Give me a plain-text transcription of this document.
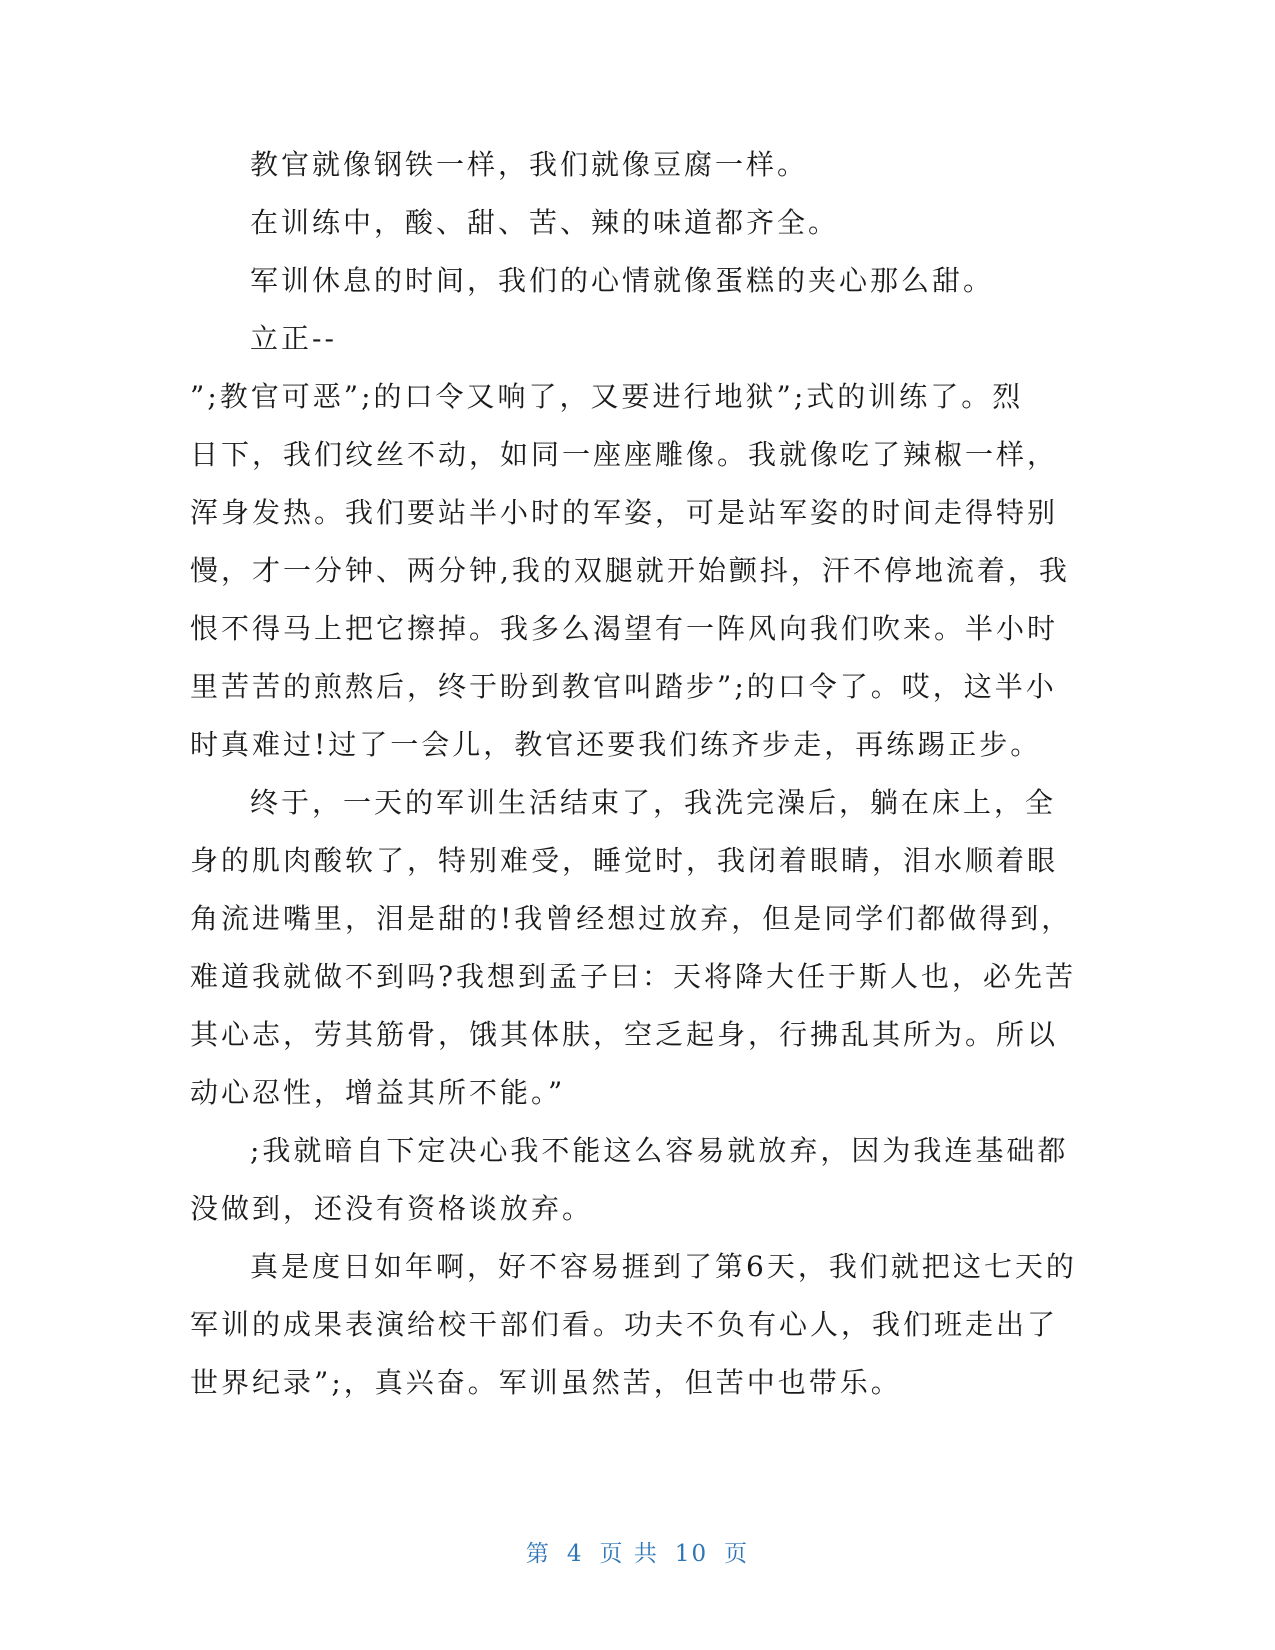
教官就像钢铁一样，我们就像豆腐一样。
在训练中，酸、甜、苦、辣的味道都齐全。
军训休息的时间，我们的心情就像蛋糕的夹心那么甜。
立正--
”;教官可恶”;的口令又响了，又要进行地狱”;式的训练了。烈
日下，我们纹丝不动，如同一座座雕像。我就像吃了辣椒一样，
浑身发热。我们要站半小时的军姿，可是站军姿的时间走得特别
慢，才一分钟、两分钟,我的双腿就开始颤抖，汗不停地流着，我
恨不得马上把它擦掉。我多么渴望有一阵风向我们吹来。半小时
里苦苦的煎熬后，终于盼到教官叫踏步”;的口令了。哎，这半小
时真难过!过了一会儿，教官还要我们练齐步走，再练踢正步。
终于，一天的军训生活结束了，我洗完澡后，躺在床上，全
身的肌肉酸软了，特别难受，睡觉时，我闭着眼睛，泪水顺着眼
角流进嘴里，泪是甜的!我曾经想过放弃，但是同学们都做得到，
难道我就做不到吗?我想到孟子曰：天将降大任于斯人也，必先苦
其心志，劳其筋骨，饿其体肤，空乏起身，行拂乱其所为。所以
动心忍性，增益其所不能。”
;我就暗自下定决心我不能这么容易就放弃，因为我连基础都
没做到，还没有资格谈放弃。
真是度日如年啊，好不容易捱到了第6天，我们就把这七天的
军训的成果表演给校干部们看。功夫不负有心人，我们班走出了
世界纪录”;，真兴奋。军训虽然苦，但苦中也带乐。
第 4 页 共 10 页
